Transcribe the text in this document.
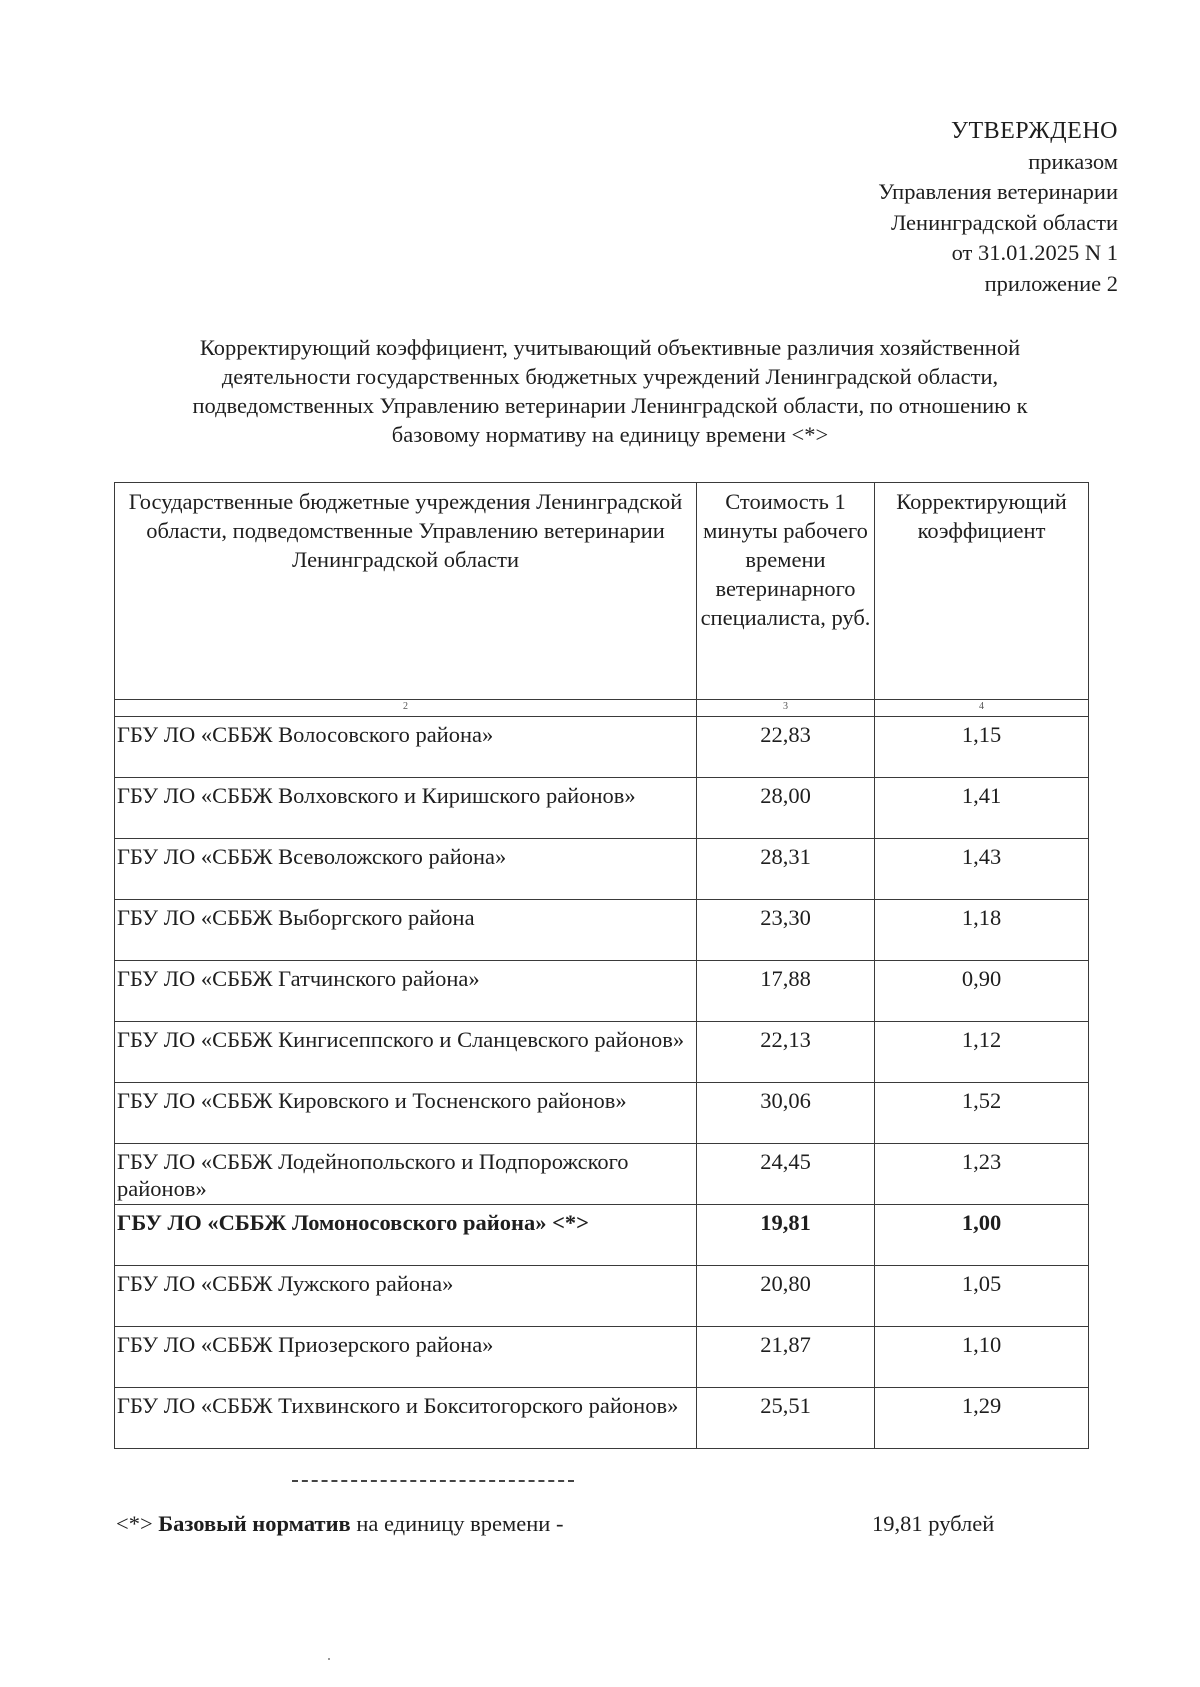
УТВЕРЖДЕНО
приказом
Управления ветеринарии
Ленинградской области
от 31.01.2025 N 1
приложение 2
Корректирующий коэффициент, учитывающий объективные различия хозяйственной
деятельности государственных бюджетных учреждений Ленинградской области,
подведомственных Управлению ветеринарии Ленинградской области, по отношению к
базовому нормативу на единицу времени <*>
Государственные бюджетные учреждения Ленинградской области, подведомственные Управлению ветеринарии Ленинградской области	Стоимость 1 минуты рабочего времени ветеринарного специалиста, руб.	Корректирующий коэффициент
2	3	4
ГБУ ЛО «СББЖ Волосовского района»	22,83	1,15
ГБУ ЛО «СББЖ Волховского и Киришского районов»	28,00	1,41
ГБУ ЛО «СББЖ Всеволожского района»	28,31	1,43
ГБУ ЛО «СББЖ Выборгского района	23,30	1,18
ГБУ ЛО «СББЖ Гатчинского района»	17,88	0,90
ГБУ ЛО «СББЖ Кингисеппского и Сланцевского районов»	22,13	1,12
ГБУ ЛО «СББЖ Кировского и Тосненского районов»	30,06	1,52
ГБУ ЛО «СББЖ Лодейнопольского и Подпорожского районов»	24,45	1,23
ГБУ ЛО «СББЖ Ломоносовского района» <*>	19,81	1,00
ГБУ ЛО «СББЖ Лужского района»	20,80	1,05
ГБУ ЛО «СББЖ Приозерского района»	21,87	1,10
ГБУ ЛО «СББЖ Тихвинского и Бокситогорского районов»	25,51	1,29
<*> Базовый норматив на единицу времени -	19,81 рублей
